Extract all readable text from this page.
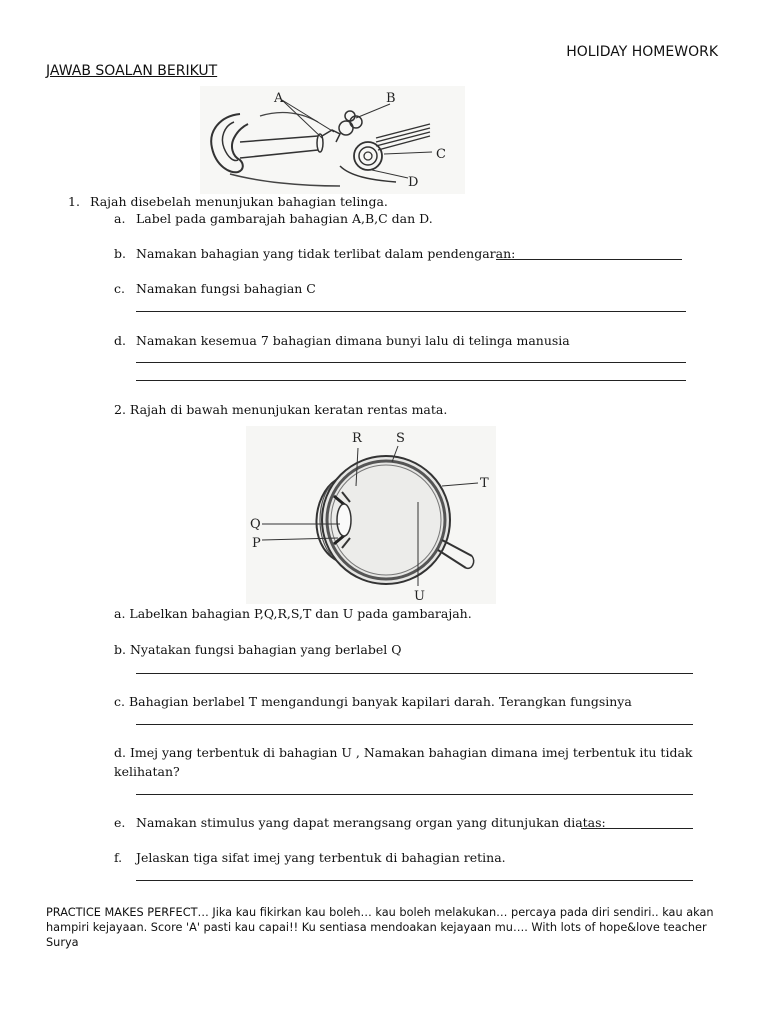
HOLIDAY HOMEWORK
JAWAB SOALAN BERIKUT
A	B
C
D
1. Rajah disebelah menunjukan bahagian telinga.
a. Label pada gambarajah bahagian A,B,C dan D.
b. Namakan bahagian yang tidak terlibat dalam pendengaran:
c. Namakan fungsi bahagian C
d. Namakan kesemua 7 bahagian dimana bunyi lalu di telinga manusia
2. Rajah di bawah menunjukan keratan rentas mata.
R	S
T
Q
P
U
a. Labelkan bahagian P,Q,R,S,T dan U pada gambarajah.
b. Nyatakan fungsi bahagian yang berlabel Q
c. Bahagian berlabel T mengandungi banyak kapilari darah. Terangkan fungsinya
d. Imej yang terbentuk di bahagian U , Namakan bahagian dimana imej terbentuk itu tidak
kelihatan?
e. Namakan stimulus yang dapat merangsang organ yang ditunjukan diatas:
f. Jelaskan tiga sifat imej yang terbentuk di bahagian retina.
PRACTICE MAKES PERFECT… Jika kau fikirkan kau boleh… kau boleh melakukan… percaya pada diri sendiri.. kau akan hampiri kejayaan. Score 'A' pasti kau capai!! Ku sentiasa mendoakan kejayaan mu…. With lots of hope&love teacher Surya
